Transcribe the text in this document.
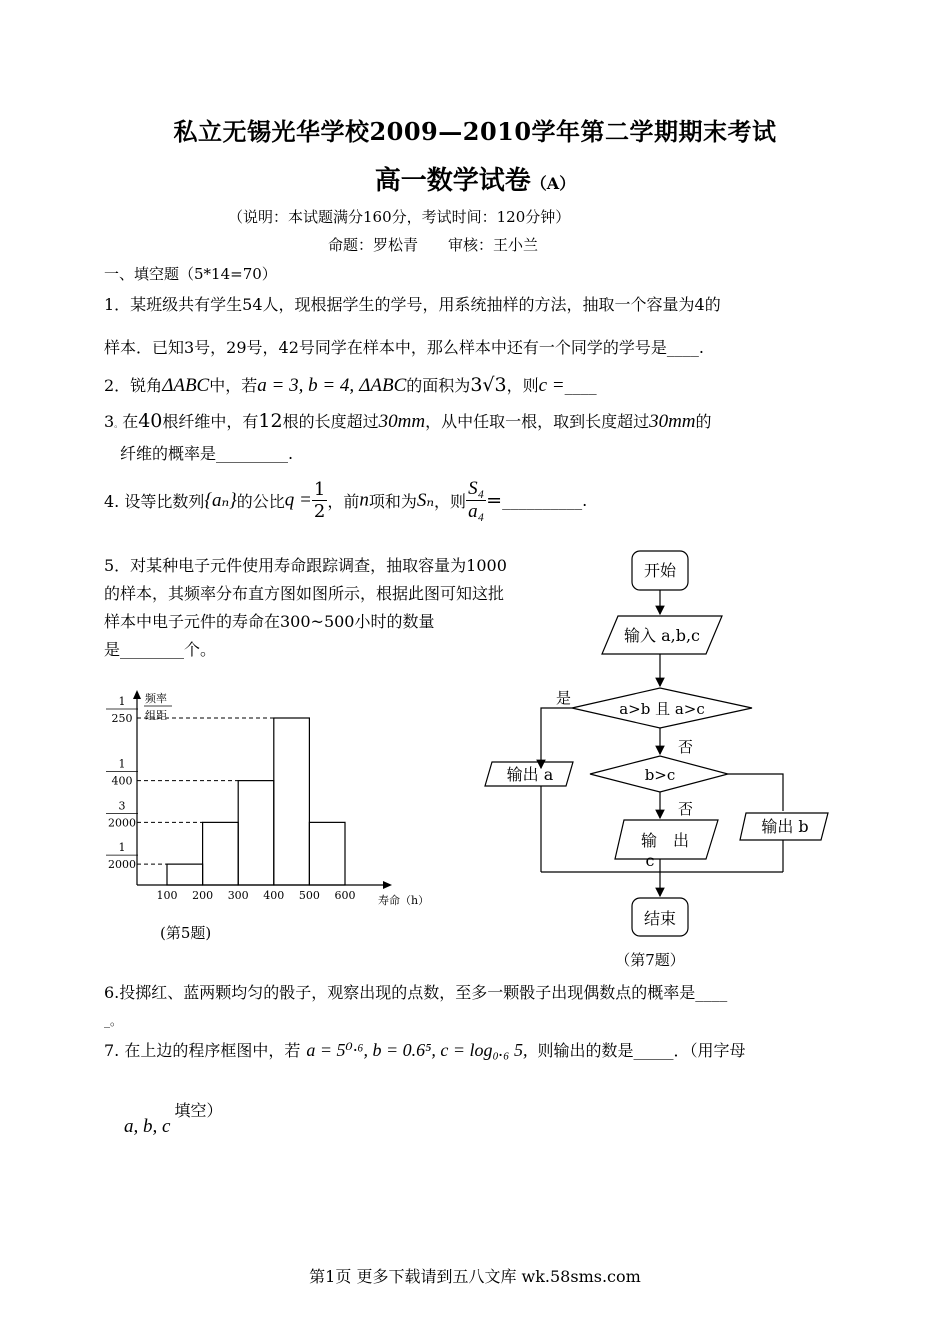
私立无锡光华学校2009—2010学年第二学期期末考试
高一数学试卷（A）
（说明：本试题满分160分，考试时间：120分钟）
命题：罗松青　　审核：王小兰
一、填空题（5*14=70）
1．某班级共有学生54人，现根据学生的学号，用系统抽样的方法，抽取一个容量为4的
样本．已知3号，29号，42号同学在样本中，那么样本中还有一个同学的学号是____.
2．锐角ΔABC中，若a = 3, b = 4, ΔABC的面积为3√3，则c =____
3。在40根纤维中，有12根的长度超过30mm，从中任取一根，取到长度超过30mm的
纤维的概率是_________.
4. 设等比数列{aₙ}的公比$q = \frac{1}{2}$ ，前n项和为Sₙ，则 $\frac{\text{S₄}}{\text{a₄}}$ =__________.
5．对某种电子元件使用寿命跟踪调查，抽取容量为1000
的样本，其频率分布直方图如图所示，根据此图可知这批
样本中电子元件的寿命在300~500小时的数量
是________个。
频率
组距
寿命（h）
1
250
1
400
3
2000
1
2000
100 200 300 400 500 600
(第5题)
开始
输入 a,b,c
a>b 且 a>c
是
否
b>c
否
输出 a
输　出
c
输出 b
结束
（第7题）
6.投掷红、蓝两颗均匀的骰子，观察出现的点数，至多一颗骰子出现偶数点的概率是____
_。
7. 在上边的程序框图中，若 a = 5⁰·⁶, b = 0.6⁵, c = log₀.₆ 5, 则输出的数是_____．（用字母
a, b, c填空）
第1页 更多下载请到五八文库 wk.58sms.com
